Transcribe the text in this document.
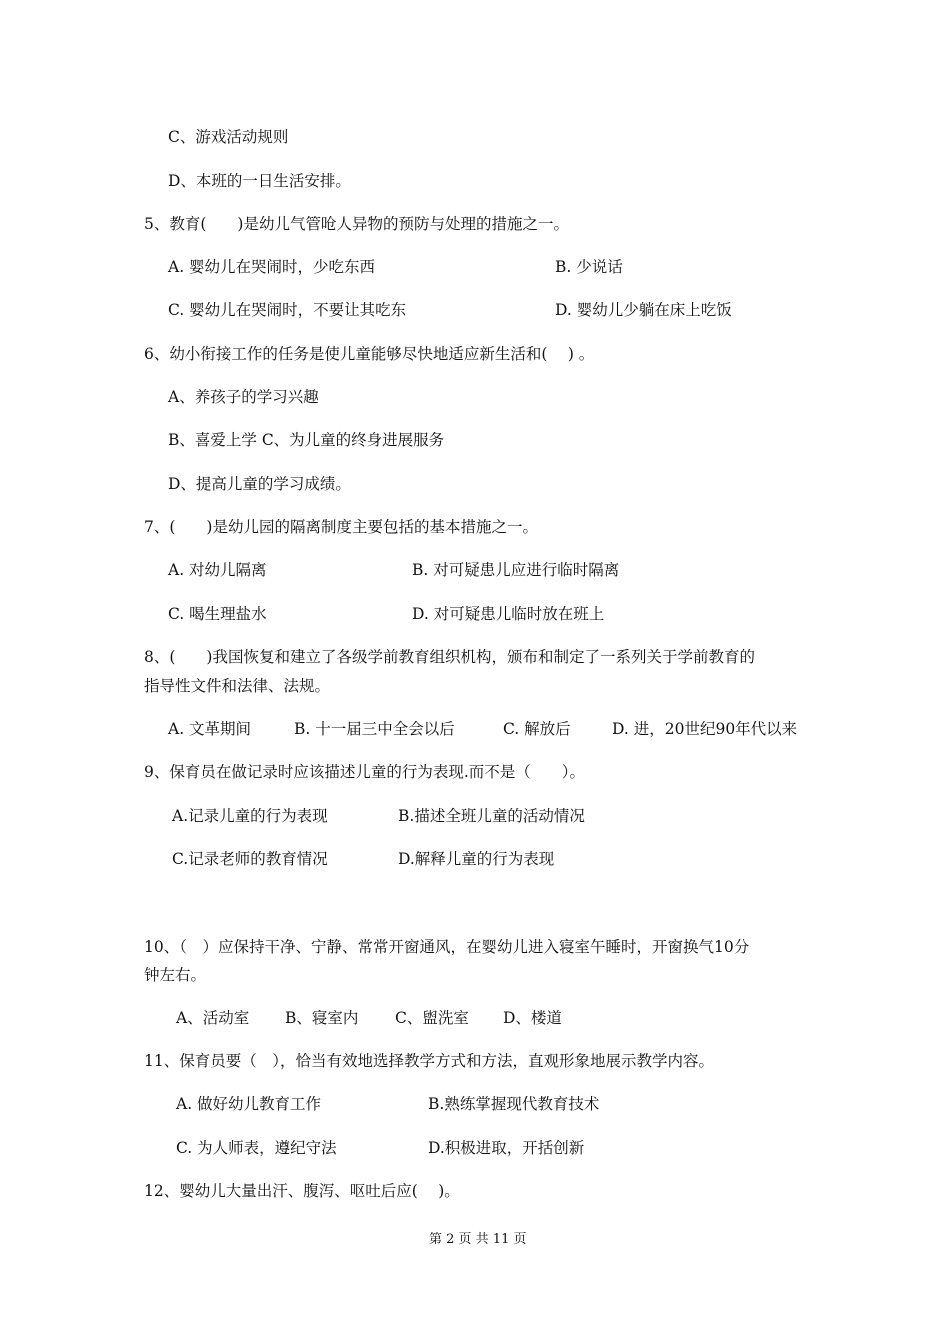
C、游戏活动规则
D、本班的一日生活安排。
5、教育(　　)是幼儿气管呛人异物的预防与处理的措施之一。
A. 婴幼儿在哭闹时，少吃东西	B. 少说话
C. 婴幼儿在哭闹时，不要让其吃东	D. 婴幼儿少躺在床上吃饭
6、幼小衔接工作的任务是使儿童能够尽快地适应新生活和(　 ) 。
A、养孩子的学习兴趣
B、喜爱上学 C、为儿童的终身进展服务
D、提高儿童的学习成绩。
7、(　　)是幼儿园的隔离制度主要包括的基本措施之一。
A. 对幼儿隔离	B. 对可疑患儿应进行临时隔离
C. 喝生理盐水	D. 对可疑患儿临时放在班上
8、(　　)我国恢复和建立了各级学前教育组织机构，颁布和制定了一系列关于学前教育的
指导性文件和法律、法规。
A. 文革期间	B. 十一届三中全会以后	C. 解放后	D. 进，20世纪90年代以来
9、保育员在做记录时应该描述儿童的行为表现.而不是（　　）。
A.记录儿童的行为表现	B.描述全班儿童的活动情况
C.记录老师的教育情况	D.解释儿童的行为表现
10、（　）应保持干净、宁静、常常开窗通风，在婴幼儿进入寝室午睡时，开窗换气10分
钟左右。
A、活动室 B、寝室内 C、盥洗室 D、楼道
11、保育员要（　），恰当有效地选择教学方式和方法，直观形象地展示教学内容。
A. 做好幼儿教育工作	B.熟练掌握现代教育技术
C. 为人师表，遵纪守法	D.积极进取，开括创新
12、婴幼儿大量出汗、腹泻、呕吐后应(　 )。
第 2 页 共 11 页
